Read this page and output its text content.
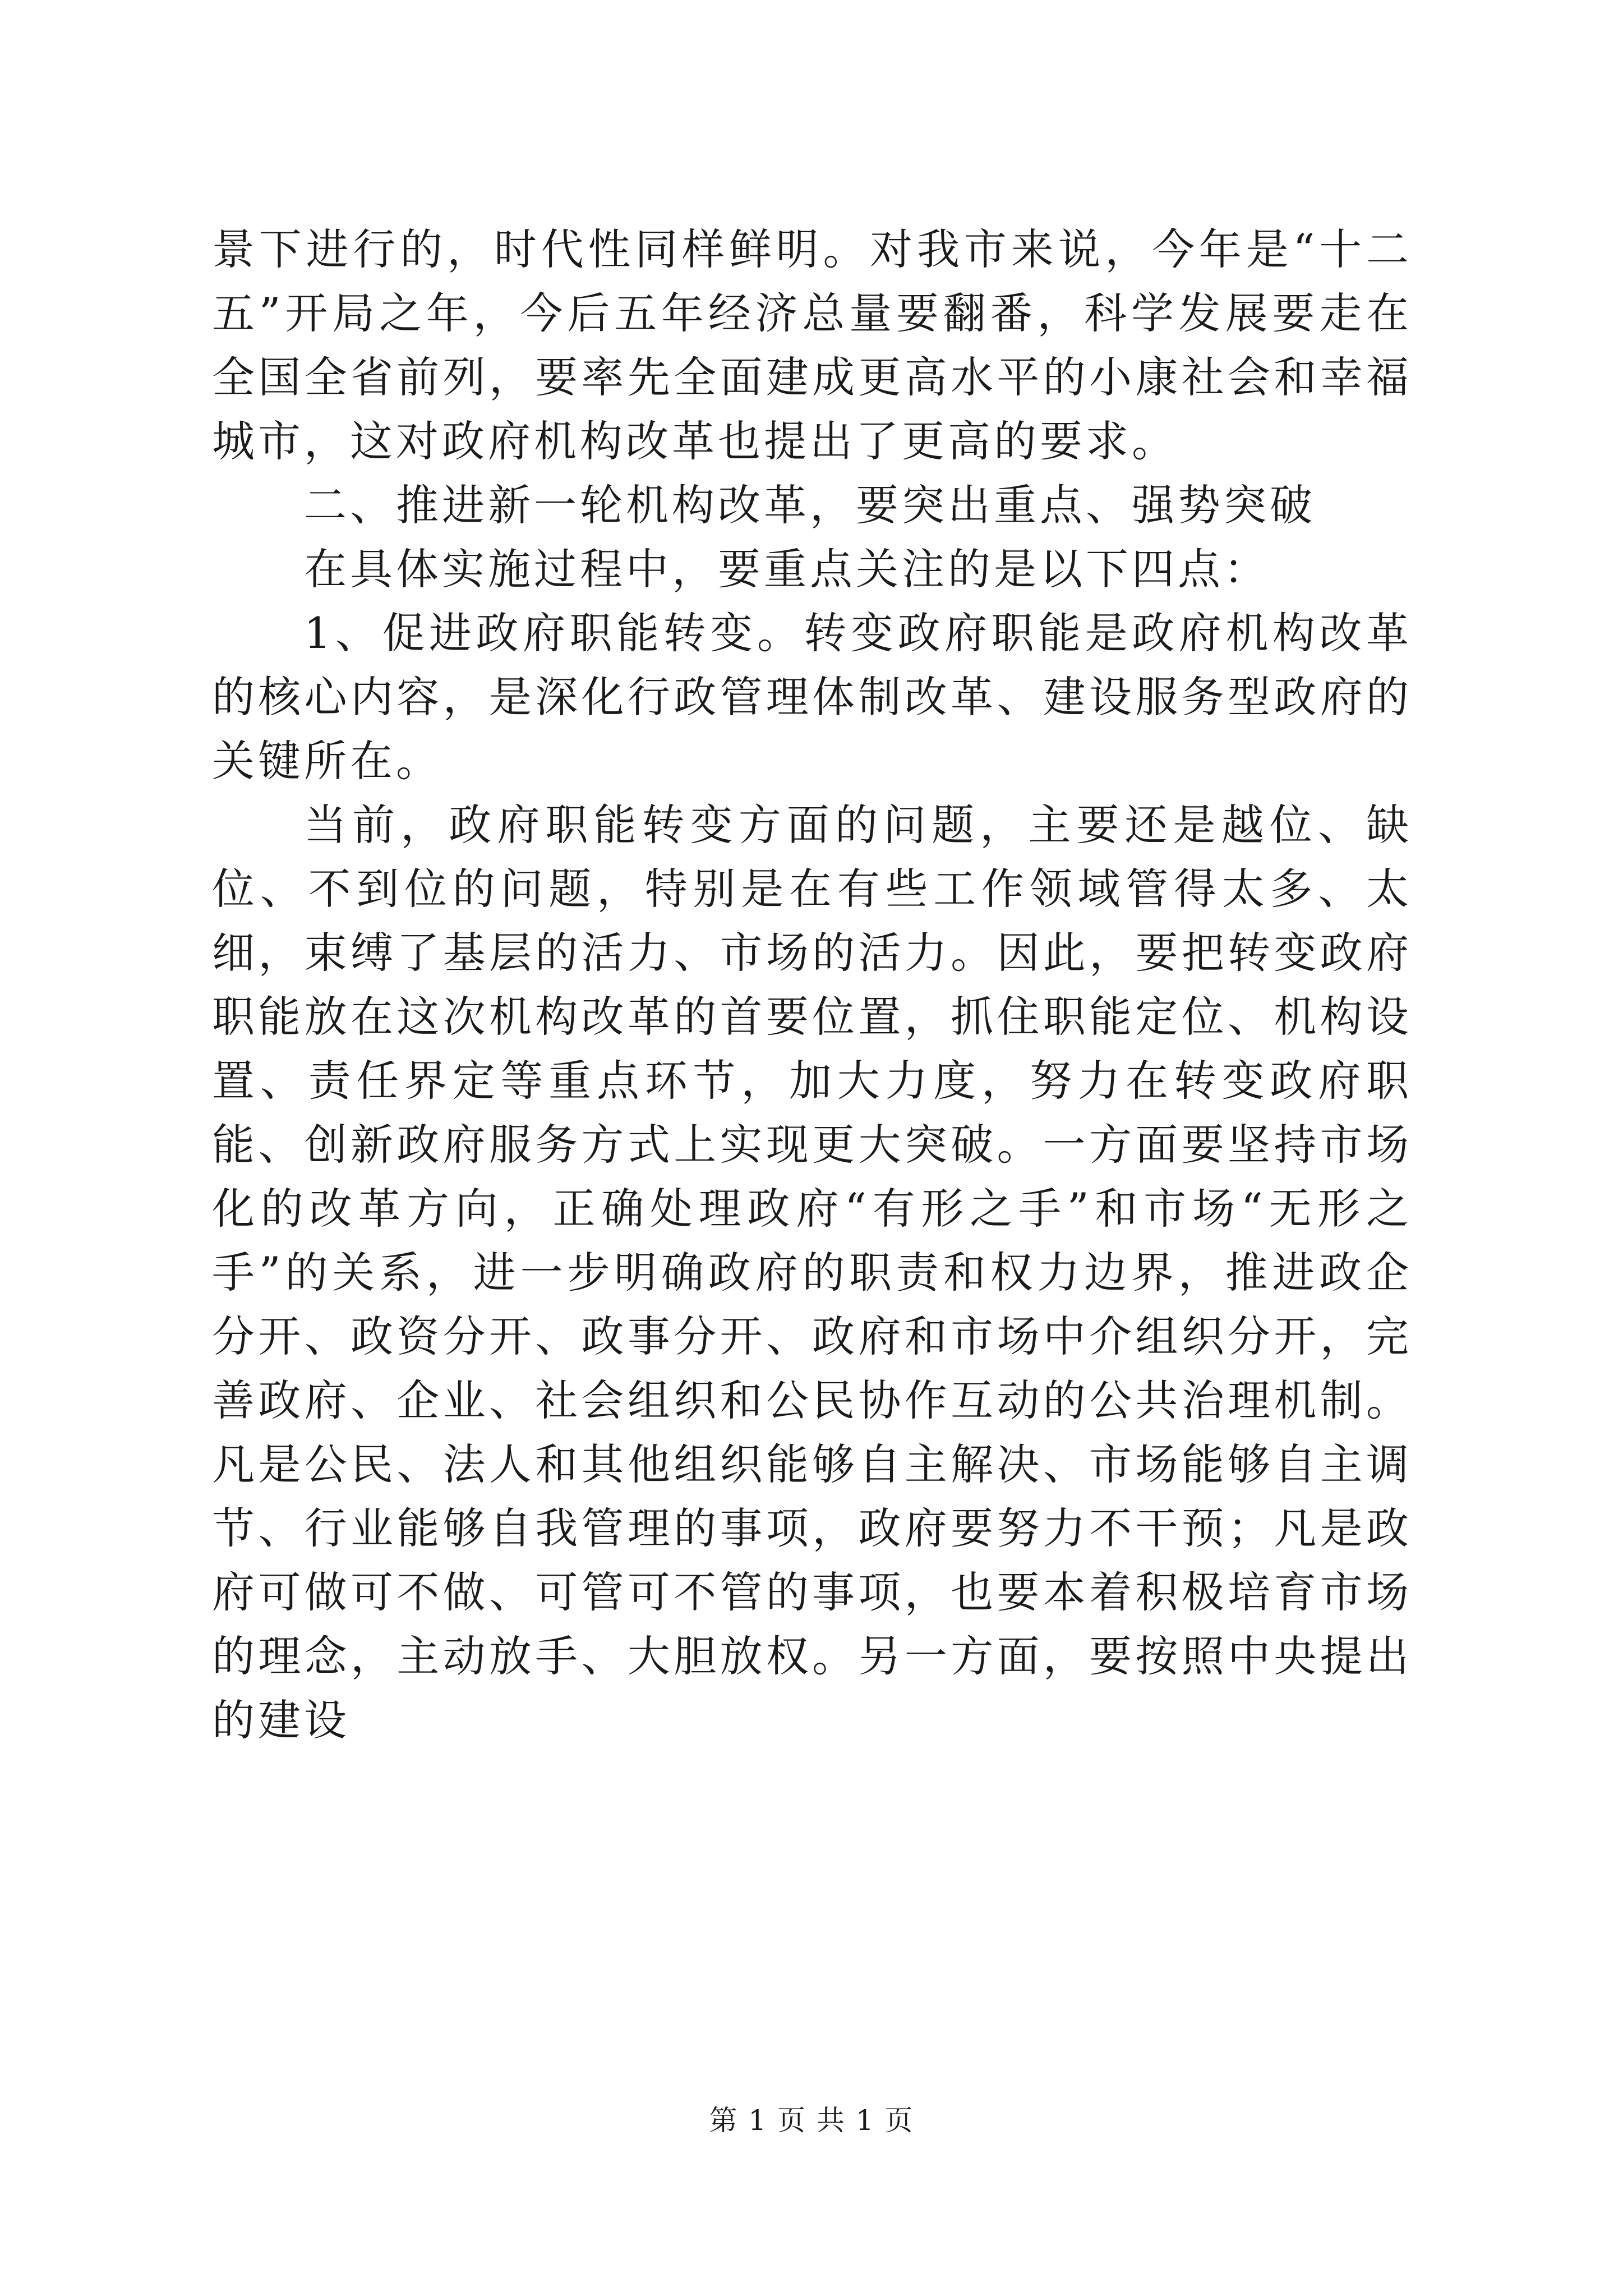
景下进行的，时代性同样鲜明。对我市来说，今年是“十二五”开局之年，今后五年经济总量要翻番，科学发展要走在全国全省前列，要率先全面建成更高水平的小康社会和幸福城市，这对政府机构改革也提出了更高的要求。

二、推进新一轮机构改革，要突出重点、强势突破

在具体实施过程中，要重点关注的是以下四点：

1、促进政府职能转变。转变政府职能是政府机构改革的核心内容，是深化行政管理体制改革、建设服务型政府的关键所在。

当前，政府职能转变方面的问题，主要还是越位、缺位、不到位的问题，特别是在有些工作领域管得太多、太细，束缚了基层的活力、市场的活力。因此，要把转变政府职能放在这次机构改革的首要位置，抓住职能定位、机构设置、责任界定等重点环节，加大力度，努力在转变政府职能、创新政府服务方式上实现更大突破。一方面要坚持市场化的改革方向，正确处理政府“有形之手”和市场“无形之手”的关系，进一步明确政府的职责和权力边界，推进政企分开、政资分开、政事分开、政府和市场中介组织分开，完善政府、企业、社会组织和公民协作互动的公共治理机制。凡是公民、法人和其他组织能够自主解决、市场能够自主调节、行业能够自我管理的事项，政府要努力不干预；凡是政府可做可不做、可管可不管的事项，也要本着积极培育市场的理念，主动放手、大胆放权。另一方面，要按照中央提出的建设

第 1 页 共 1 页
